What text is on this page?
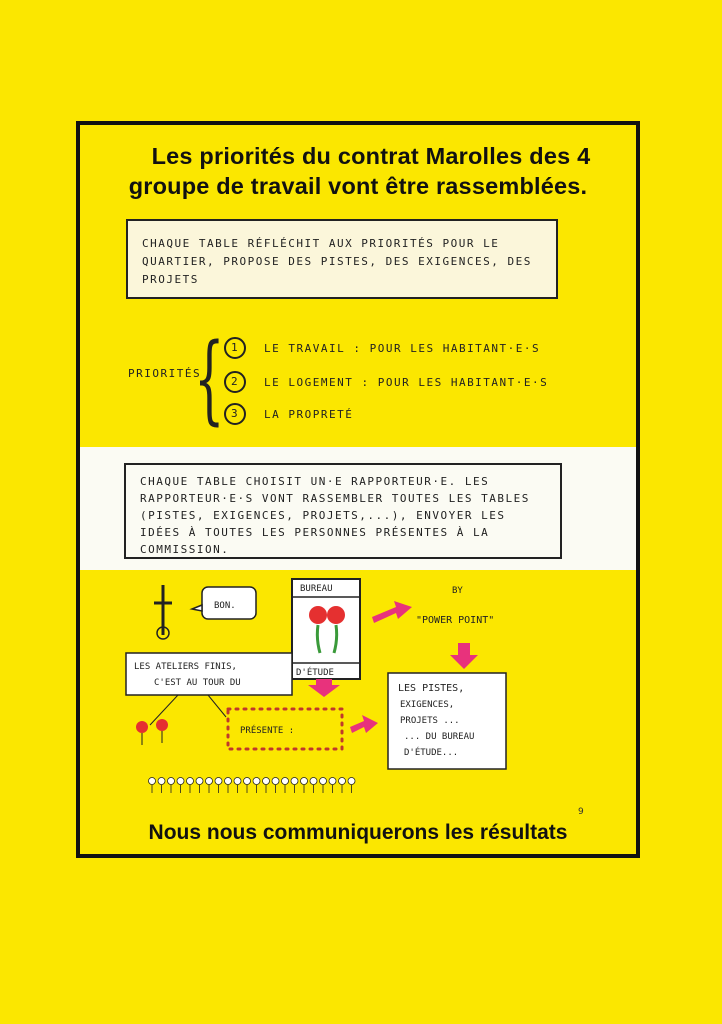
Les priorités du contrat Marolles des 4
groupe de travail vont être rassemblées.
CHAQUE TABLE RÉFLÉCHIT AUX PRIORITÉS POUR LE QUARTIER, PROPOSE DES PISTES, DES EXIGENCES, DES PROJETS
PRIORITÉS
{ 1	LE TRAVAIL : POUR LES HABITANT·E·S
2	LE LOGEMENT : POUR LES HABITANT·E·S
3	LA PROPRETÉ
CHAQUE TABLE CHOISIT UN·E RAPPORTEUR·E. LES RAPPORTEUR·E·S VONT RASSEMBLER TOUTES LES TABLES (PISTES, EXIGENCES, PROJETS,...), ENVOYER LES IDÉES À TOUTES LES PERSONNES PRÉSENTES À LA COMMISSION.
BON.
BUREAU
D'ÉTUDE
BY
"POWER POINT"
LES ATELIERS FINIS,
C'EST AU TOUR DU
PRÉSENTE :
LES PISTES,
EXIGENCES,
PROJETS ...
... DU BUREAU
D'ÉTUDE...
9
Nous nous communiquerons les résultats
